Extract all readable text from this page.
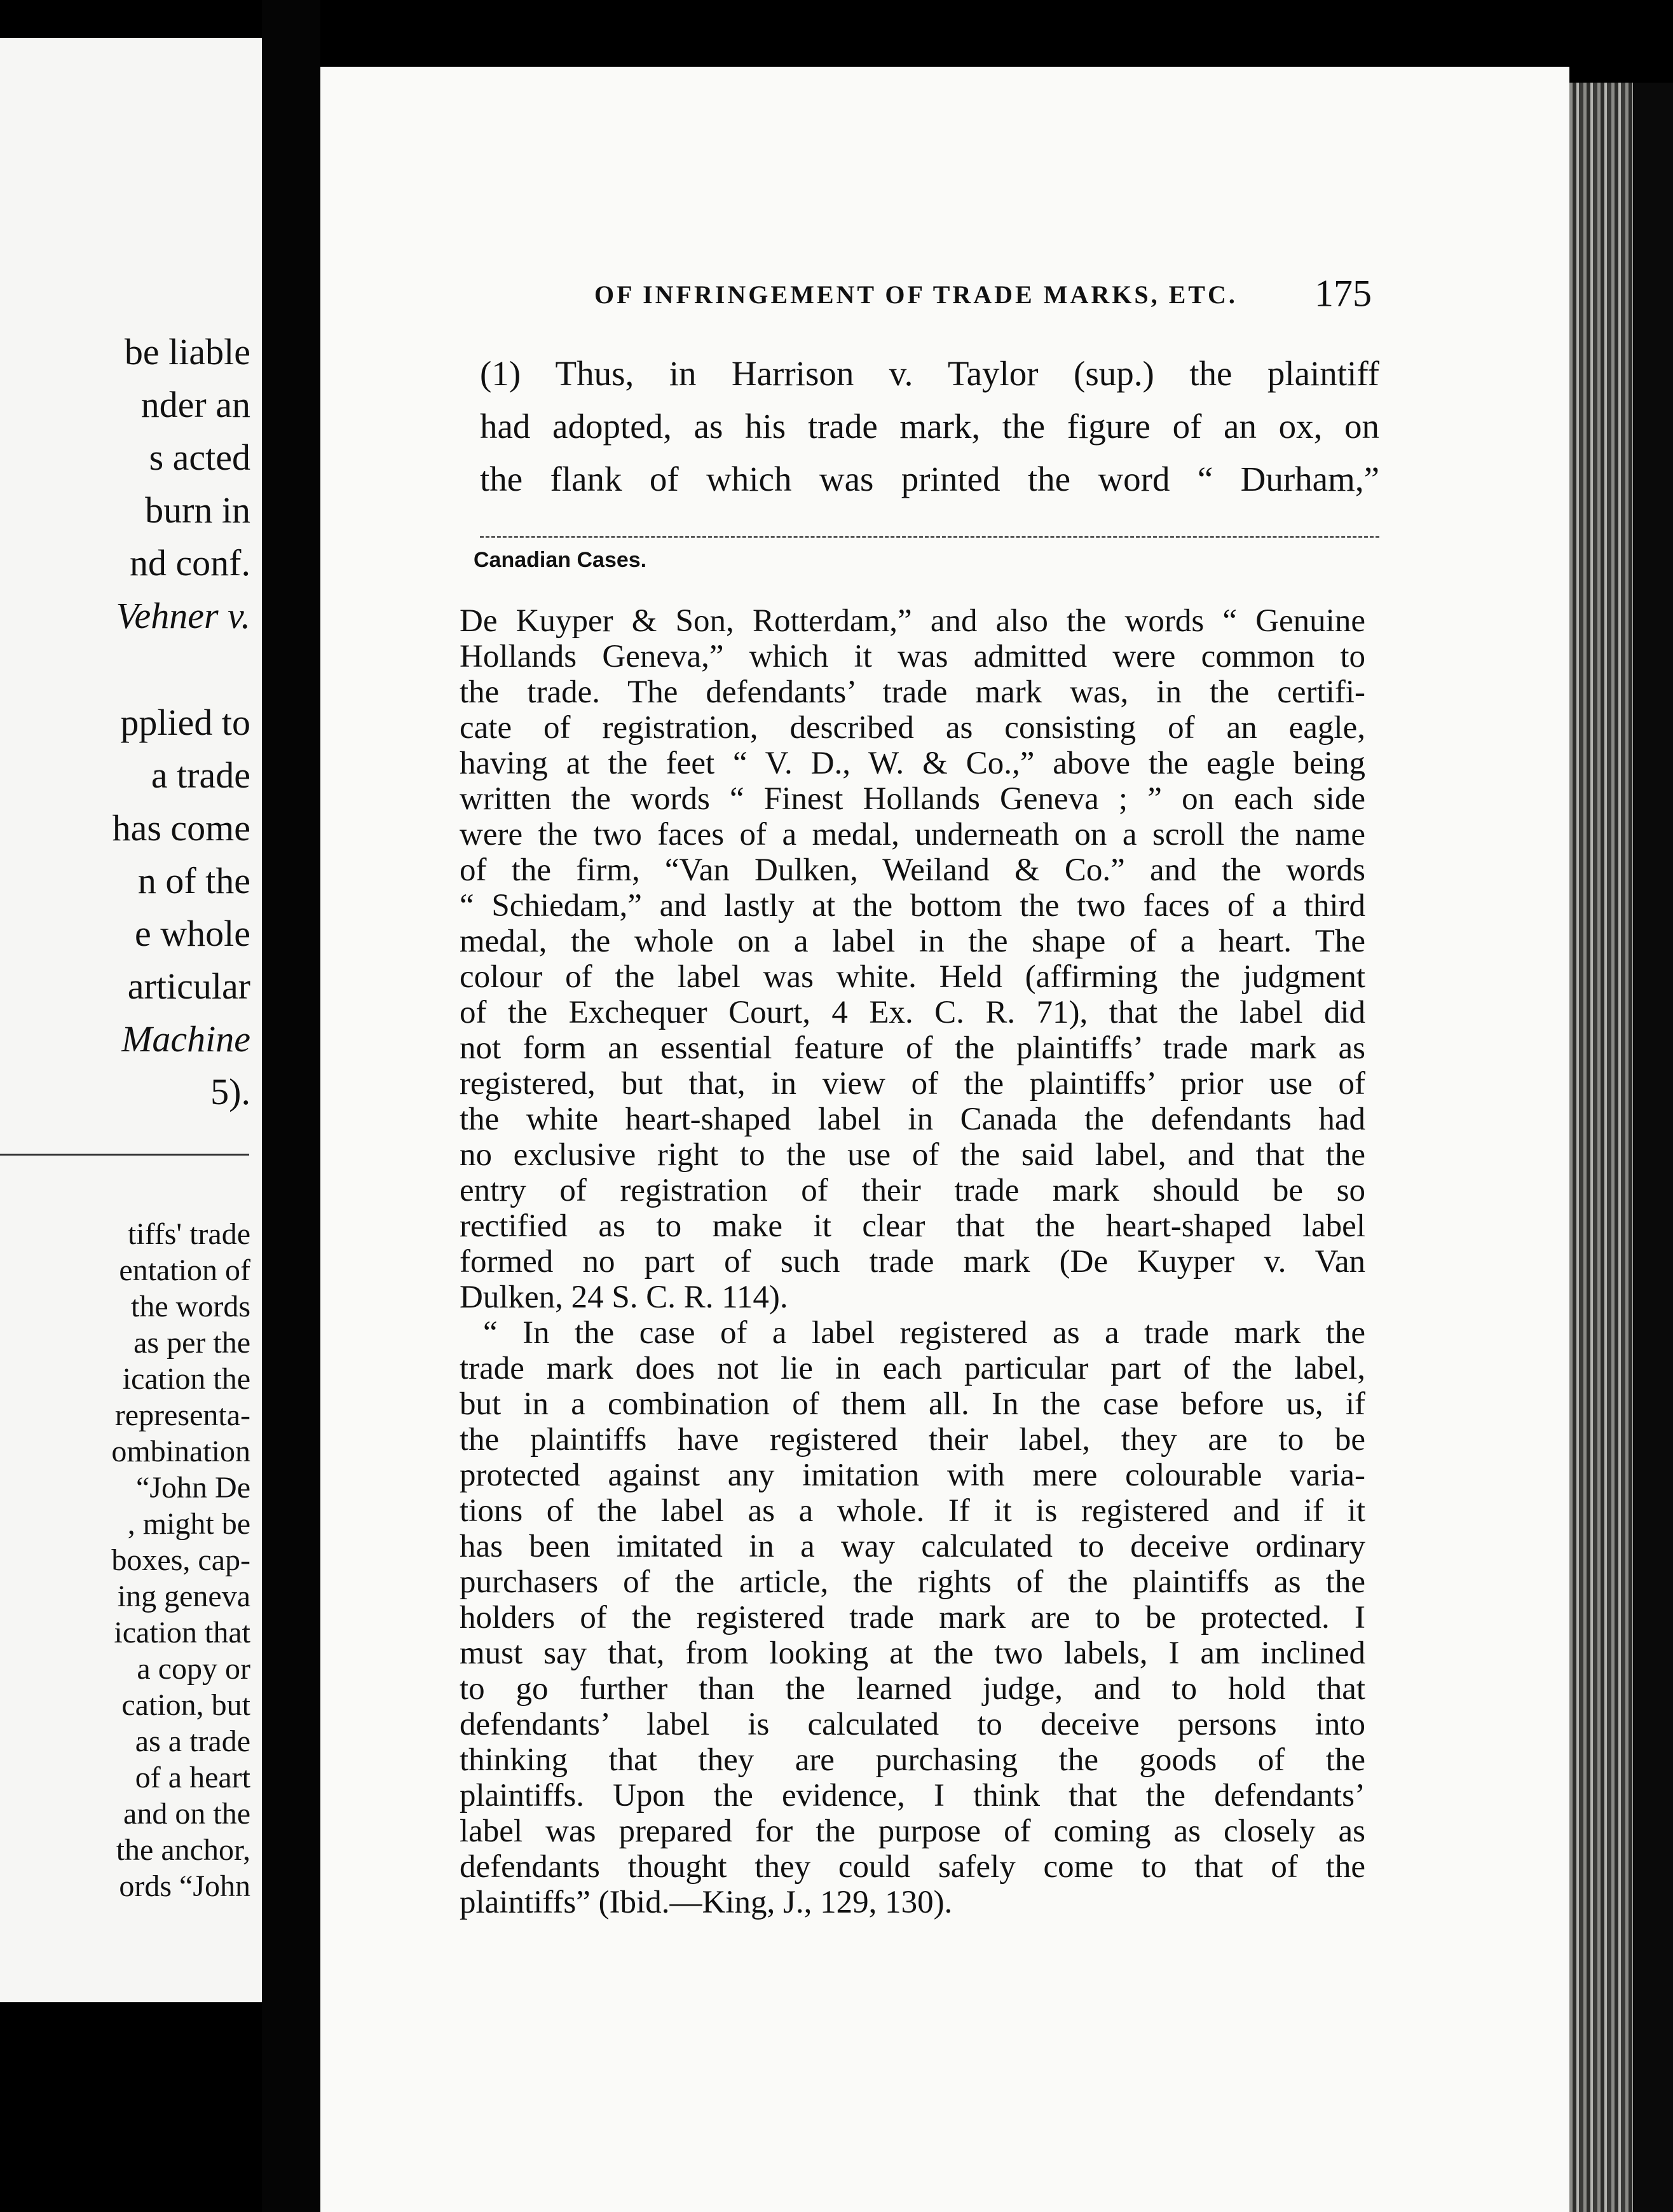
be liable
nder an
s acted
burn in
nd conf.
Vehner v.
pplied to
a trade
has come
n of the
e whole
articular
Machine
5).
tiffs' trade
entation of
the words
as per the
ication the
representa-
ombination
“John De
, might be
boxes, cap-
ing geneva
ication that
a copy or
cation, but
as a trade
of a heart
and on the
the anchor,
ords “John
OF INFRINGEMENT OF TRADE MARKS, ETC. 175
(1) Thus, in Harrison v. Taylor (sup.) the plaintiff
had adopted, as his trade mark, the figure of an ox, on
the flank of which was printed the word “ Durham,”
Canadian Cases.
De Kuyper & Son, Rotterdam,” and also the words “ Genuine
Hollands Geneva,” which it was admitted were common to
the trade. The defendants’ trade mark was, in the certifi-
cate of registration, described as consisting of an eagle,
having at the feet “ V. D., W. & Co.,” above the eagle being
written the words “ Finest Hollands Geneva ; ” on each side
were the two faces of a medal, underneath on a scroll the name
of the firm, “Van Dulken, Weiland & Co.” and the words
“ Schiedam,” and lastly at the bottom the two faces of a third
medal, the whole on a label in the shape of a heart. The
colour of the label was white. Held (affirming the judgment
of the Exchequer Court, 4 Ex. C. R. 71), that the label did
not form an essential feature of the plaintiffs’ trade mark as
registered, but that, in view of the plaintiffs’ prior use of
the white heart-shaped label in Canada the defendants had
no exclusive right to the use of the said label, and that the
entry of registration of their trade mark should be so
rectified as to make it clear that the heart-shaped label
formed no part of such trade mark (De Kuyper v. Van
Dulken, 24 S. C. R. 114).
“ In the case of a label registered as a trade mark the
trade mark does not lie in each particular part of the label,
but in a combination of them all. In the case before us, if
the plaintiffs have registered their label, they are to be
protected against any imitation with mere colourable varia-
tions of the label as a whole. If it is registered and if it
has been imitated in a way calculated to deceive ordinary
purchasers of the article, the rights of the plaintiffs as the
holders of the registered trade mark are to be protected. I
must say that, from looking at the two labels, I am inclined
to go further than the learned judge, and to hold that
defendants’ label is calculated to deceive persons into
thinking that they are purchasing the goods of the
plaintiffs. Upon the evidence, I think that the defendants’
label was prepared for the purpose of coming as closely as
defendants thought they could safely come to that of the
plaintiffs” (Ibid.—King, J., 129, 130).
